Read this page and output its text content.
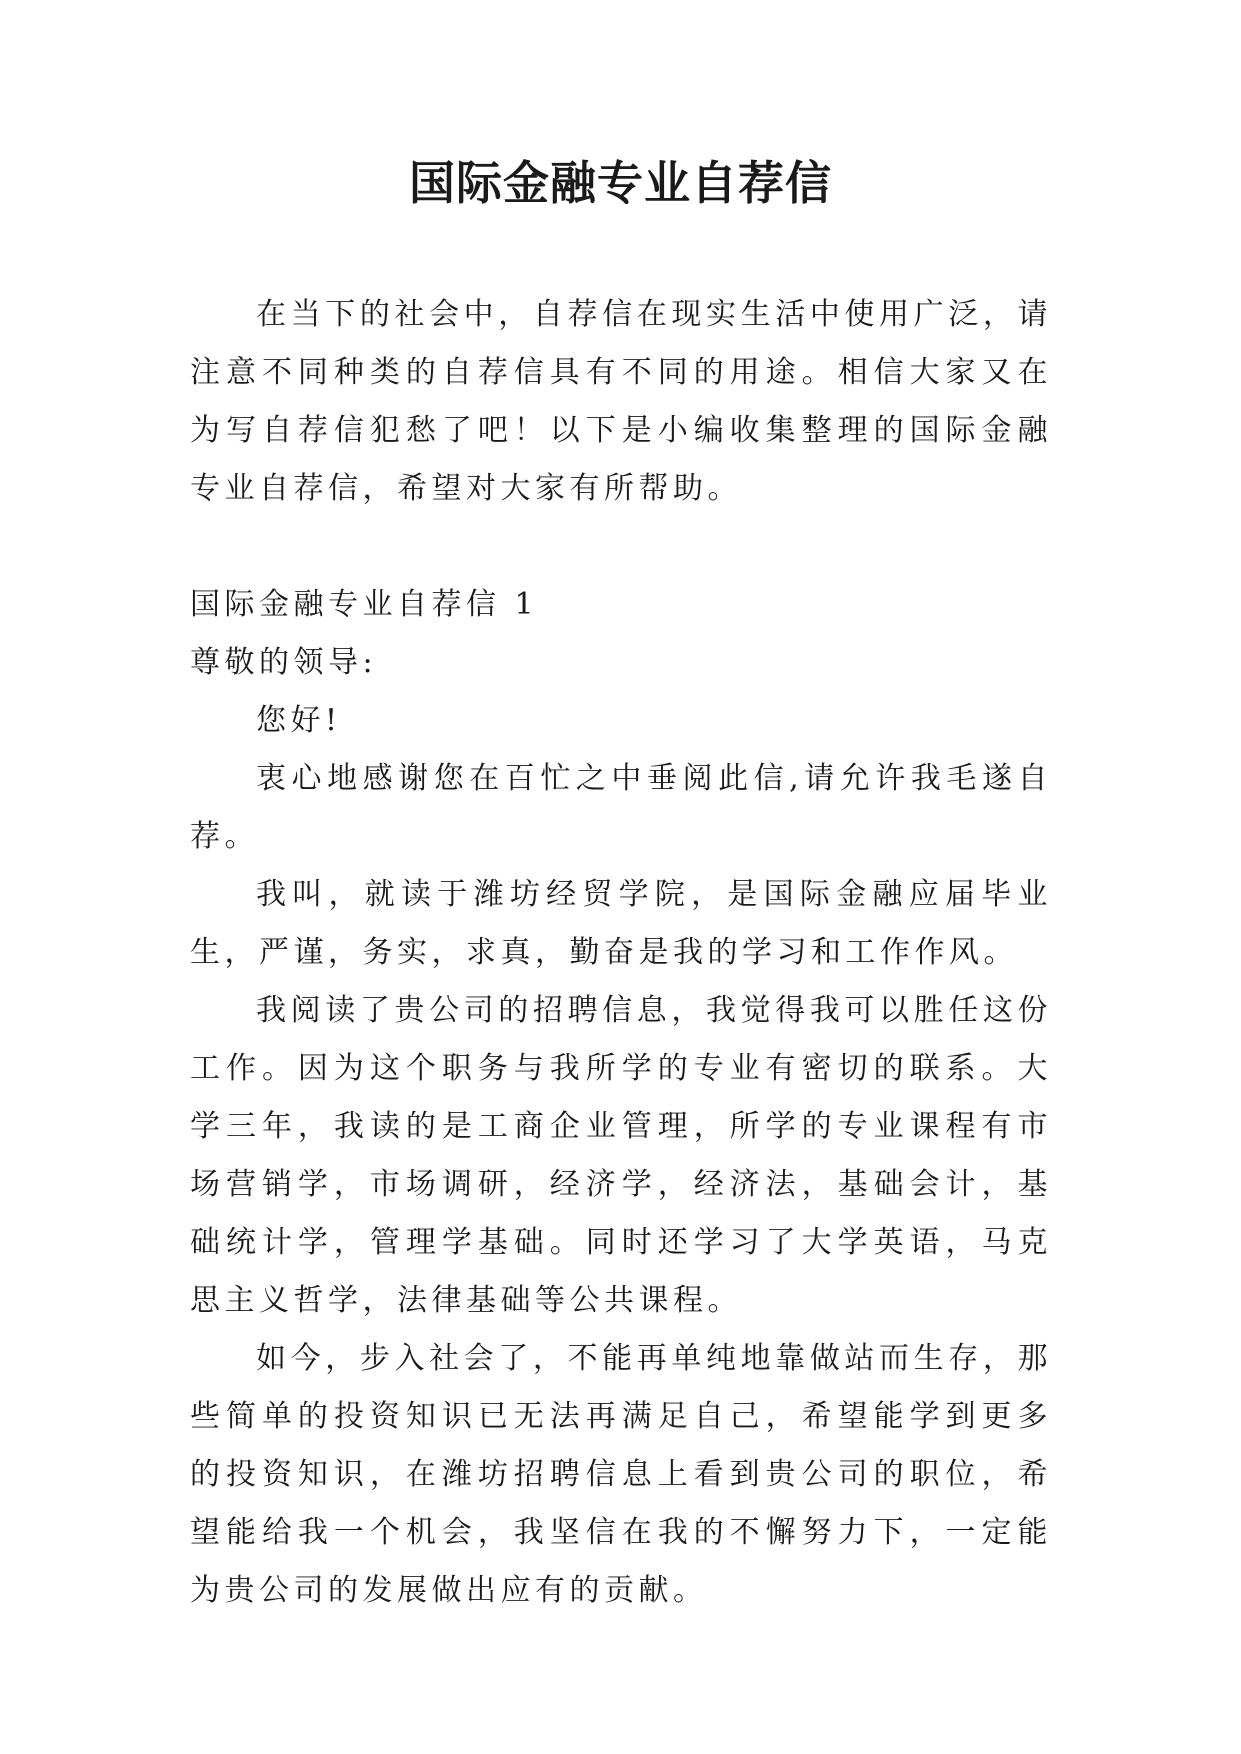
国际金融专业自荐信

在当下的社会中，自荐信在现实生活中使用广泛，请注意不同种类的自荐信具有不同的用途。相信大家又在为写自荐信犯愁了吧！以下是小编收集整理的国际金融专业自荐信，希望对大家有所帮助。

国际金融专业自荐信 1

尊敬的领导:

您好!

衷心地感谢您在百忙之中垂阅此信,请允许我毛遂自荐。

我叫，就读于潍坊经贸学院，是国际金融应届毕业生，严谨，务实，求真，勤奋是我的学习和工作作风。

我阅读了贵公司的招聘信息，我觉得我可以胜任这份工作。因为这个职务与我所学的专业有密切的联系。大学三年，我读的是工商企业管理，所学的专业课程有市场营销学，市场调研，经济学，经济法，基础会计，基础统计学，管理学基础。同时还学习了大学英语，马克思主义哲学，法律基础等公共课程。

如今，步入社会了，不能再单纯地靠做站而生存，那些简单的投资知识已无法再满足自己，希望能学到更多的投资知识，在潍坊招聘信息上看到贵公司的职位，希望能给我一个机会，我坚信在我的不懈努力下，一定能为贵公司的发展做出应有的贡献。
